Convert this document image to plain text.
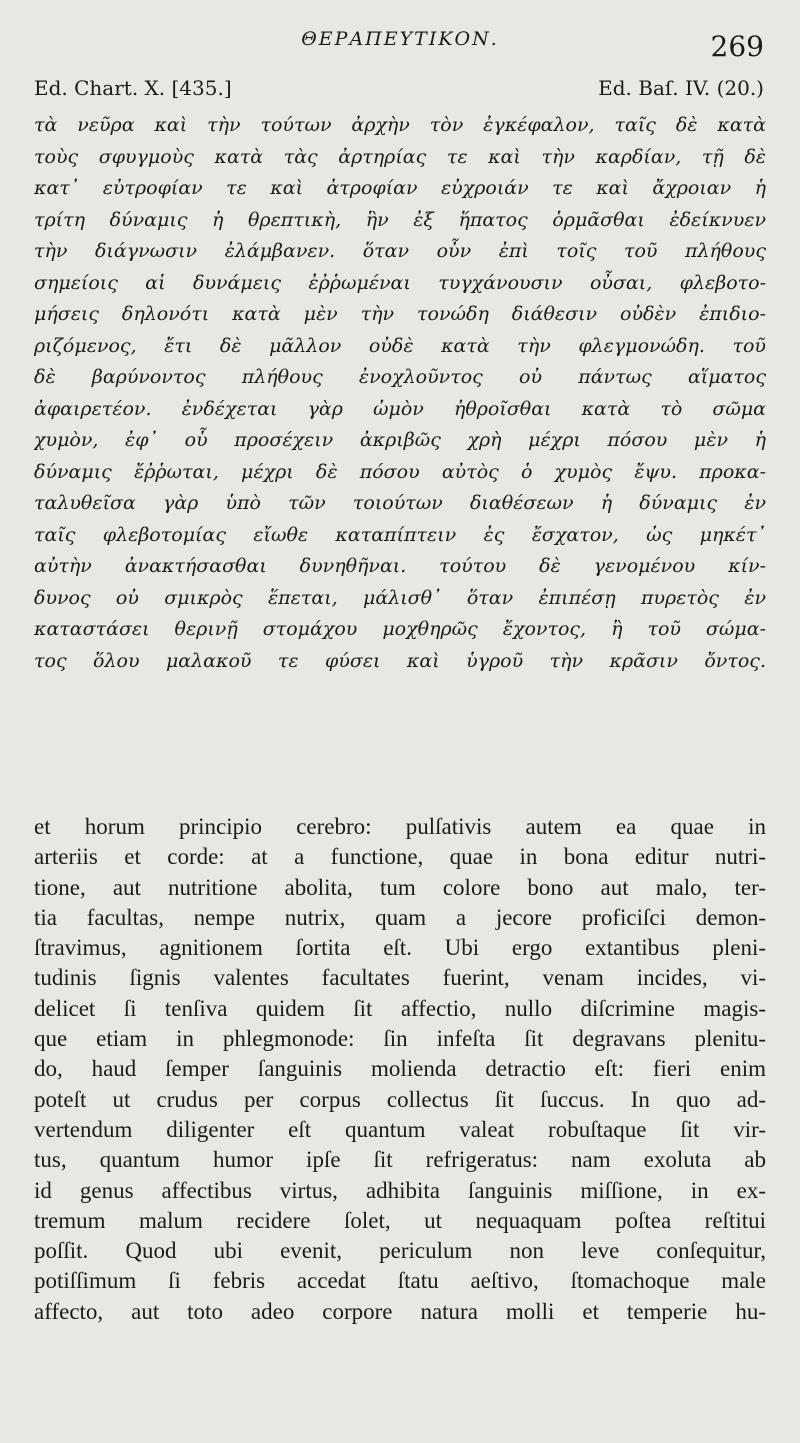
ΘΕΡΑΠΕΥΤΙΚΟΝ.	269
Ed. Chart. X. [435.]	Ed. Baſ. IV. (20.)
τὰ νεῦρα καὶ τὴν τούτων ἀρχὴν τὸν ἐγκέφαλον, ταῖς δὲ κατὰ
τοὺς σφυγμοὺς κατὰ τὰς ἀρτηρίας τε καὶ τὴν καρδίαν, τῇ δὲ
κατ᾽ εὐτροφίαν τε καὶ ἀτροφίαν εὐχροιάν τε καὶ ἄχροιαν ἡ
τρίτη δύναμις ἡ θρεπτικὴ, ἣν ἐξ ἥπατος ὁρμᾶσθαι ἐδείκνυεν
τὴν διάγνωσιν ἐλάμβανεν. ὅταν οὖν ἐπὶ τοῖς τοῦ πλήθους
σημείοις αἱ δυνάμεις ἐῤῥωμέναι τυγχάνουσιν οὖσαι, φλεβοτο-
μήσεις δηλονότι κατὰ μὲν τὴν τονώδη διάθεσιν οὐδὲν ἐπιδιο-
ριζόμενος, ἔτι δὲ μᾶλλον οὐδὲ κατὰ τὴν φλεγμονώδη. τοῦ
δὲ βαρύνοντος πλήθους ἐνοχλοῦντος οὐ πάντως αἵματος
ἀφαιρετέον. ἐνδέχεται γὰρ ὠμὸν ἠθροῖσθαι κατὰ τὸ σῶμα
χυμὸν, ἐφ᾽ οὗ προσέχειν ἀκριβῶς χρὴ μέχρι πόσου μὲν ἡ
δύναμις ἔῤῥωται, μέχρι δὲ πόσου αὐτὸς ὁ χυμὸς ἔψυ. προκα-
ταλυθεῖσα γὰρ ὑπὸ τῶν τοιούτων διαθέσεων ἡ δύναμις ἐν
ταῖς φλεβοτομίας εἴωθε καταπίπτειν ἐς ἔσχατον, ὡς μηκέτ᾽
αὐτὴν ἀνακτήσασθαι δυνηθῆναι. τούτου δὲ γενομένου κίν-
δυνος οὐ σμικρὸς ἕπεται, μάλισθ᾽ ὅταν ἐπιπέσῃ πυρετὸς ἐν
καταστάσει θερινῇ στομάχου μοχθηρῶς ἔχοντος, ἢ τοῦ σώμα-
τος ὅλου μαλακοῦ τε φύσει καὶ ὑγροῦ τὴν κρᾶσιν ὄντος.
et horum principio cerebro: pulſativis autem ea quae in
arteriis et corde: at a functione, quae in bona editur nutri-
tione, aut nutritione abolita, tum colore bono aut malo, ter-
tia facultas, nempe nutrix, quam a jecore proficiſci demon-
ſtravimus, agnitionem ſortita eſt. Ubi ergo extantibus pleni-
tudinis ſignis valentes facultates fuerint, venam incides, vi-
delicet ſi tenſiva quidem ſit affectio, nullo diſcrimine magis-
que etiam in phlegmonode: ſin infeſta ſit degravans plenitu-
do, haud ſemper ſanguinis molienda detractio eſt: fieri enim
poteſt ut crudus per corpus collectus ſit ſuccus. In quo ad-
vertendum diligenter eſt quantum valeat robuſtaque ſit vir-
tus, quantum humor ipſe ſit refrigeratus: nam exoluta ab
id genus affectibus virtus, adhibita ſanguinis miſſione, in ex-
tremum malum recidere ſolet, ut nequaquam poſtea reſtitui
poſſit. Quod ubi evenit, periculum non leve conſequitur,
potiſſimum ſi febris accedat ſtatu aeſtivo, ſtomachoque male
affecto, aut toto adeo corpore natura molli et temperie hu-
